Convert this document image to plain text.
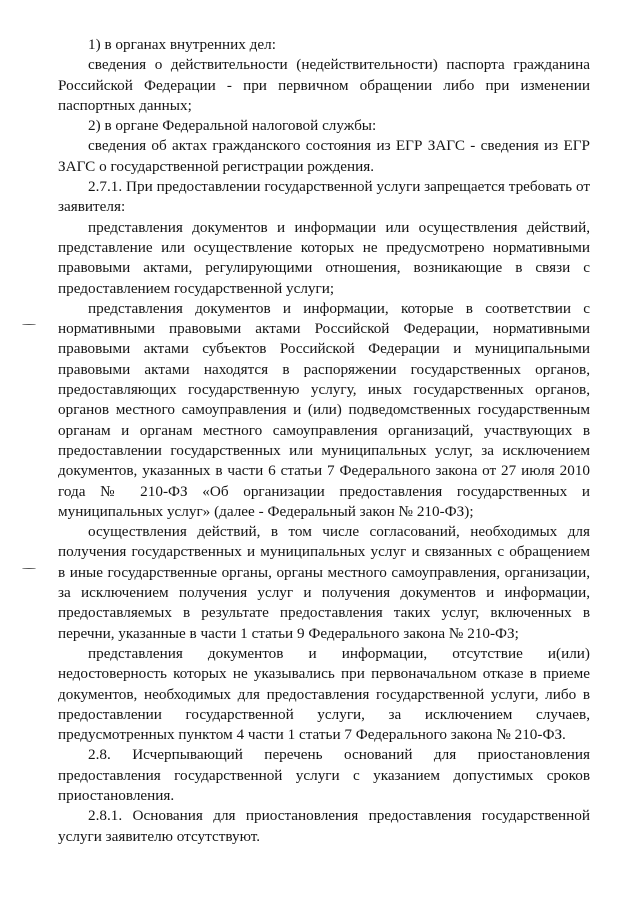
1) в органах внутренних дел:

сведения о действительности (недействительности) паспорта гражданина Российской Федерации - при первичном обращении либо при изменении паспортных данных;

2) в органе Федеральной налоговой службы:

сведения об актах гражданского состояния из ЕГР ЗАГС - сведения из ЕГР ЗАГС о государственной регистрации рождения.

2.7.1. При предоставлении государственной услуги запрещается требовать от заявителя:

представления документов и информации или осуществления действий, представление или осуществление которых не предусмотрено нормативными правовыми актами, регулирующими отношения, возникающие в связи с предоставлением государственной услуги;

представления документов и информации, которые в соответствии с нормативными правовыми актами Российской Федерации, нормативными правовыми актами субъектов Российской Федерации и муниципальными правовыми актами находятся в распоряжении государственных органов, предоставляющих государственную услугу, иных государственных органов, органов местного самоуправления и (или) подведомственных государственным органам и органам местного самоуправления организаций, участвующих в предоставлении государственных или муниципальных услуг, за исключением документов, указанных в части 6 статьи 7 Федерального закона от 27 июля 2010 года № 210-ФЗ «Об организации предоставления государственных и муниципальных услуг» (далее - Федеральный закон № 210-ФЗ);

осуществления действий, в том числе согласований, необходимых для получения государственных и муниципальных услуг и связанных с обращением в иные государственные органы, органы местного самоуправления, организации, за исключением получения услуг и получения документов и информации, предоставляемых в результате предоставления таких услуг, включенных в перечни, указанные в части 1 статьи 9 Федерального закона № 210-ФЗ;

представления документов и информации, отсутствие и(или) недостоверность которых не указывались при первоначальном отказе в приеме документов, необходимых для предоставления государственной услуги, либо в предоставлении государственной услуги, за исключением случаев, предусмотренных пунктом 4 части 1 статьи 7 Федерального закона № 210-ФЗ.

2.8. Исчерпывающий перечень оснований для приостановления предоставления государственной услуги с указанием допустимых сроков приостановления.

2.8.1. Основания для приостановления предоставления государственной услуги заявителю отсутствуют.
